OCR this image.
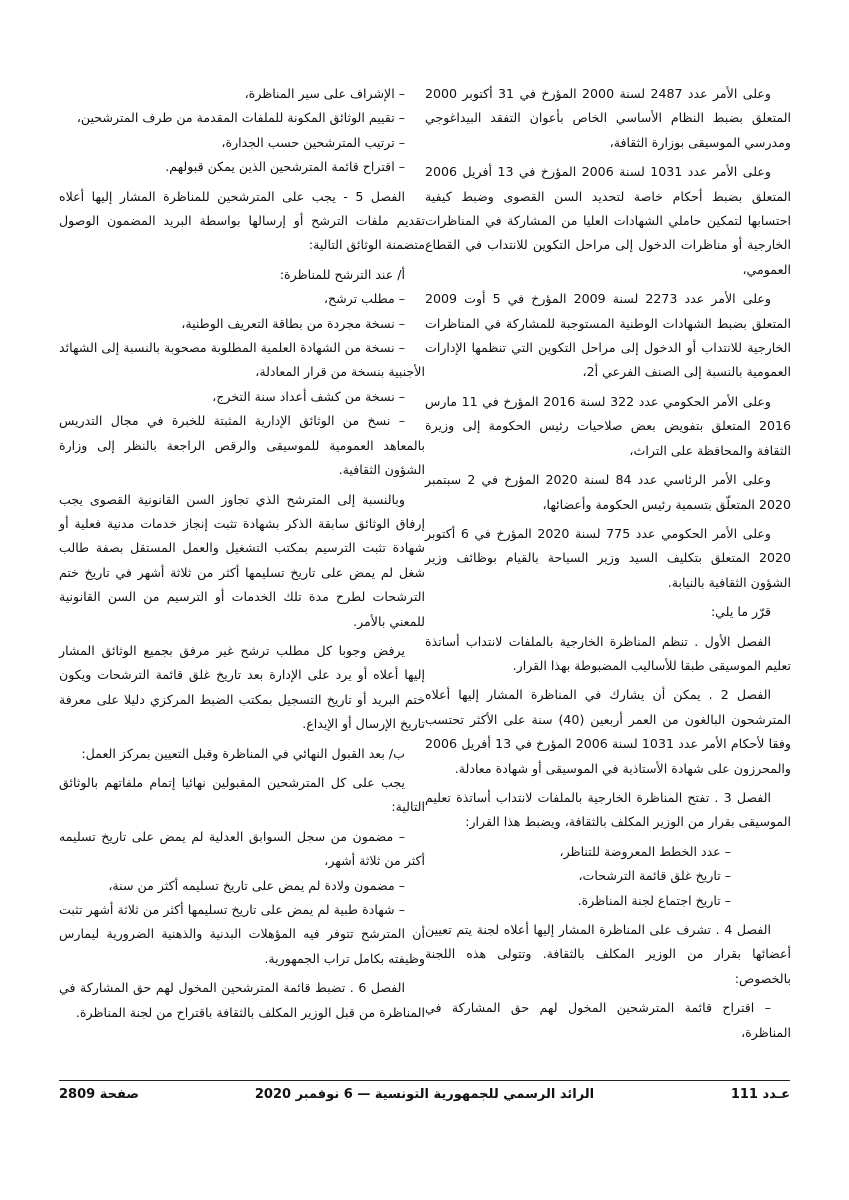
وعلى الأمر عدد 2487 لسنة 2000 المؤرخ في 31 أكتوبر 2000 المتعلق بضبط النظام الأساسي الخاص بأعوان التفقد البيداغوجي ومدرسي الموسيقى بوزارة الثقافة،

وعلى الأمر عدد 1031 لسنة 2006 المؤرخ في 13 أفريل 2006 المتعلق بضبط أحكام خاصة لتحديد السن القصوى وضبط كيفية احتسابها لتمكين حاملي الشهادات العليا من المشاركة في المناظرات الخارجية أو مناظرات الدخول إلى مراحل التكوين للانتداب في القطاع العمومي،

وعلى الأمر عدد 2273 لسنة 2009 المؤرخ في 5 أوت 2009 المتعلق بضبط الشهادات الوطنية المستوجبة للمشاركة في المناظرات الخارجية للانتداب أو الدخول إلى مراحل التكوين التي تنظمها الإدارات العمومية بالنسبة إلى الصنف الفرعي أ2،

وعلى الأمر الحكومي عدد 322 لسنة 2016 المؤرخ في 11 مارس 2016 المتعلق بتفويض بعض صلاحيات رئيس الحكومة إلى وزيرة الثقافة والمحافظة على التراث،

وعلى الأمر الرئاسي عدد 84 لسنة 2020 المؤرخ في 2 سبتمبر 2020 المتعلّق بتسمية رئيس الحكومة وأعضائها،

وعلى الأمر الحكومي عدد 775 لسنة 2020 المؤرخ في 6 أكتوبر 2020 المتعلق بتكليف السيد وزير السياحة بالقيام بوظائف وزير الشؤون الثقافية بالنيابة.

قرّر ما يلي:

الفصل الأول . تنظم المناظرة الخارجية بالملفات لانتداب أساتذة تعليم الموسيقى طبقا للأساليب المضبوطة بهذا القرار.

الفصل 2 . يمكن أن يشارك في المناظرة المشار إليها أعلاه المترشحون البالغون من العمر أربعين (40) سنة على الأكثر تحتسب وفقا لأحكام الأمر عدد 1031 لسنة 2006 المؤرخ في 13 أفريل 2006 والمحرزون على شهادة الأستاذية في الموسيقى أو شهادة معادلة.

الفصل 3 . تفتح المناظرة الخارجية بالملفات لانتداب أساتذة تعليم الموسيقى بقرار من الوزير المكلف بالثقافة، ويضبط هذا القرار:

– عدد الخطط المعروضة للتناظر،

– تاريخ غلق قائمة الترشحات،

– تاريخ اجتماع لجنة المناظرة.

الفصل 4 . تشرف على المناظرة المشار إليها أعلاه لجنة يتم تعيين أعضائها بقرار من الوزير المكلف بالثقافة. وتتولى هذه اللجنة بالخصوص:

– اقتراح قائمة المترشحين المخول لهم حق المشاركة في المناظرة،

– الإشراف على سير المناظرة،

– تقييم الوثائق المكونة للملفات المقدمة من طرف المترشحين،

– ترتيب المترشحين حسب الجدارة،

– اقتراح قائمة المترشحين الذين يمكن قبولهم.

الفصل 5 - يجب على المترشحين للمناظرة المشار إليها أعلاه تقديم ملفات الترشح أو إرسالها بواسطة البريد المضمون الوصول متضمنة الوثائق التالية:

أ/ عند الترشح للمناظرة:

– مطلب ترشح،

– نسخة مجردة من بطاقة التعريف الوطنية،

– نسخة من الشهادة العلمية المطلوبة مصحوبة بالنسبة إلى الشهائد الأجنبية بنسخة من قرار المعادلة،

– نسخة من كشف أعداد سنة التخرج،

– نسخ من الوثائق الإدارية المثبتة للخبرة في مجال التدريس بالمعاهد العمومية للموسيقى والرقص الراجعة بالنظر إلى وزارة الشؤون الثقافية.

وبالنسبة إلى المترشح الذي تجاوز السن القانونية القصوى يجب إرفاق الوثائق سابقة الذكر بشهادة تثبت إنجاز خدمات مدنية فعلية أو شهادة تثبت الترسيم بمكتب التشغيل والعمل المستقل بصفة طالب شغل لم يمض على تاريخ تسليمها أكثر من ثلاثة أشهر في تاريخ ختم الترشحات لطرح مدة تلك الخدمات أو الترسيم من السن القانونية للمعني بالأمر.

يرفض وجوبا كل مطلب ترشح غير مرفق بجميع الوثائق المشار إليها أعلاه أو يرد على الإدارة بعد تاريخ غلق قائمة الترشحات ويكون ختم البريد أو تاريخ التسجيل بمكتب الضبط المركزي دليلا على معرفة تاريخ الإرسال أو الإيداع.

ب/ بعد القبول النهائي في المناظرة وقبل التعيين بمركز العمل:

يجب على كل المترشحين المقبولين نهائيا إتمام ملفاتهم بالوثائق التالية:

– مضمون من سجل السوابق العدلية لم يمض على تاريخ تسليمه أكثر من ثلاثة أشهر،

– مضمون ولادة لم يمض على تاريخ تسليمه أكثر من سنة،

– شهادة طبية لم يمض على تاريخ تسليمها أكثر من ثلاثة أشهر تثبت أن المترشح تتوفر فيه المؤهلات البدنية والذهنية الضرورية ليمارس وظيفته بكامل تراب الجمهورية.

الفصل 6 . تضبط قائمة المترشحين المخول لهم حق المشاركة في المناظرة من قبل الوزير المكلف بالثقافة باقتراح من لجنة المناظرة.

عـدد 111
الرائد الرسمي للجمهورية التونسية — 6 نوفمبر 2020
صفحة 2809
